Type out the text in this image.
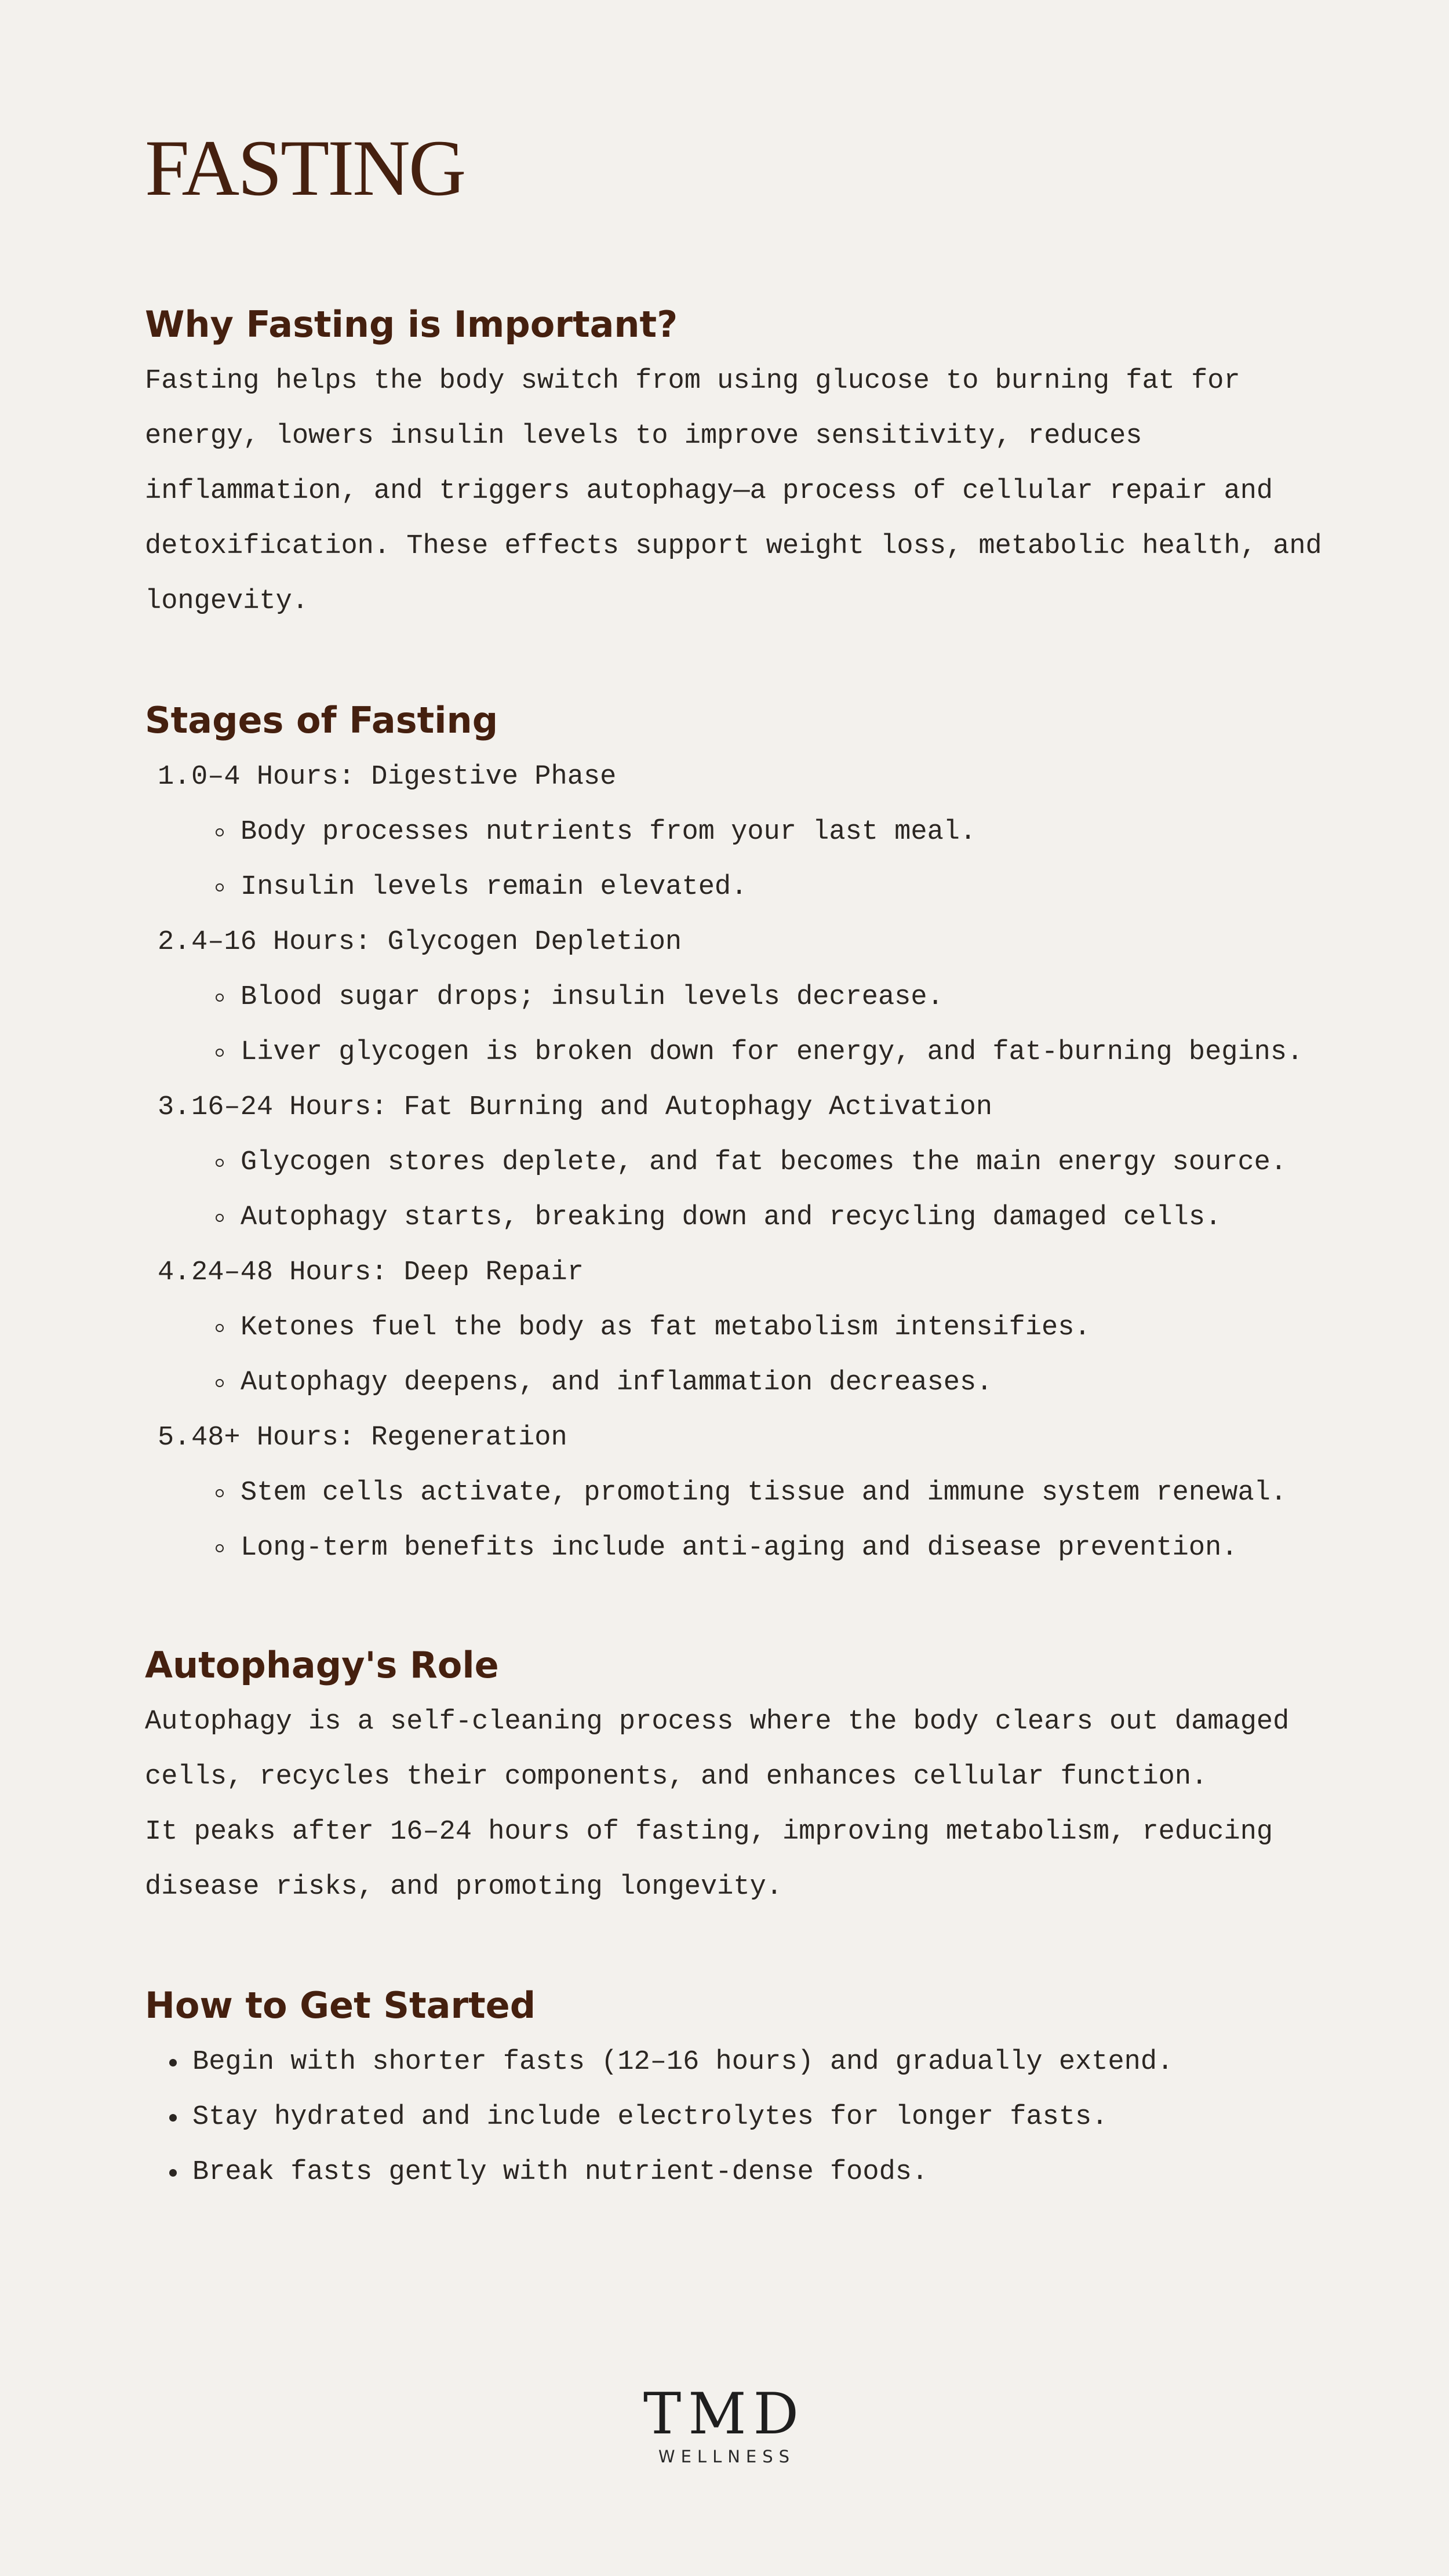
FASTING
Why Fasting is Important?

Fasting helps the body switch from using glucose to burning fat for

energy, lowers insulin levels to improve sensitivity, reduces

inflammation, and triggers autophagy—a process of cellular repair and

detoxification. These effects support weight loss, metabolic health, and

longevity.

Stages of Fasting
1. 0–4 Hours: Digestive Phase
Body processes nutrients from your last meal.
Insulin levels remain elevated.
2. 4–16 Hours: Glycogen Depletion
Blood sugar drops; insulin levels decrease.
Liver glycogen is broken down for energy, and fat-burning begins.
3. 16–24 Hours: Fat Burning and Autophagy Activation
Glycogen stores deplete, and fat becomes the main energy source.
Autophagy starts, breaking down and recycling damaged cells.
4. 24–48 Hours: Deep Repair
Ketones fuel the body as fat metabolism intensifies.
Autophagy deepens, and inflammation decreases.
5. 48+ Hours: Regeneration
Stem cells activate, promoting tissue and immune system renewal.
Long-term benefits include anti-aging and disease prevention.
Autophagy's Role

Autophagy is a self-cleaning process where the body clears out damaged

cells, recycles their components, and enhances cellular function.

It peaks after 16–24 hours of fasting, improving metabolism, reducing

disease risks, and promoting longevity.

How to Get Started
Begin with shorter fasts (12–16 hours) and gradually extend.
Stay hydrated and include electrolytes for longer fasts.
Break fasts gently with nutrient-dense foods.
TMD
WELLNESS
